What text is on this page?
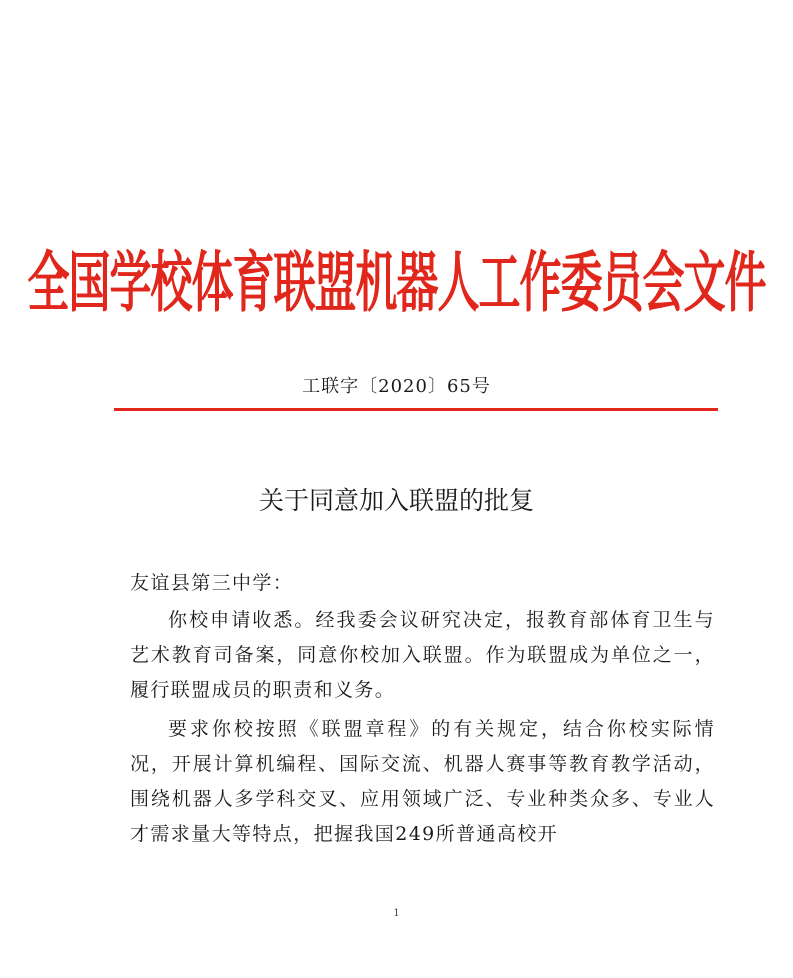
全国学校体育联盟机器人工作委员会文件
工联字〔2020〕65号
关于同意加入联盟的批复

友谊县第三中学：

你校申请收悉。经我委会议研究决定，报教育部体育卫生与艺术教育司备案，同意你校加入联盟。作为联盟成为单位之一，履行联盟成员的职责和义务。

要求你校按照《联盟章程》的有关规定，结合你校实际情况，开展计算机编程、国际交流、机器人赛事等教育教学活动，围绕机器人多学科交叉、应用领域广泛、专业种类众多、专业人才需求量大等特点，把握我国249所普通高校开

1
